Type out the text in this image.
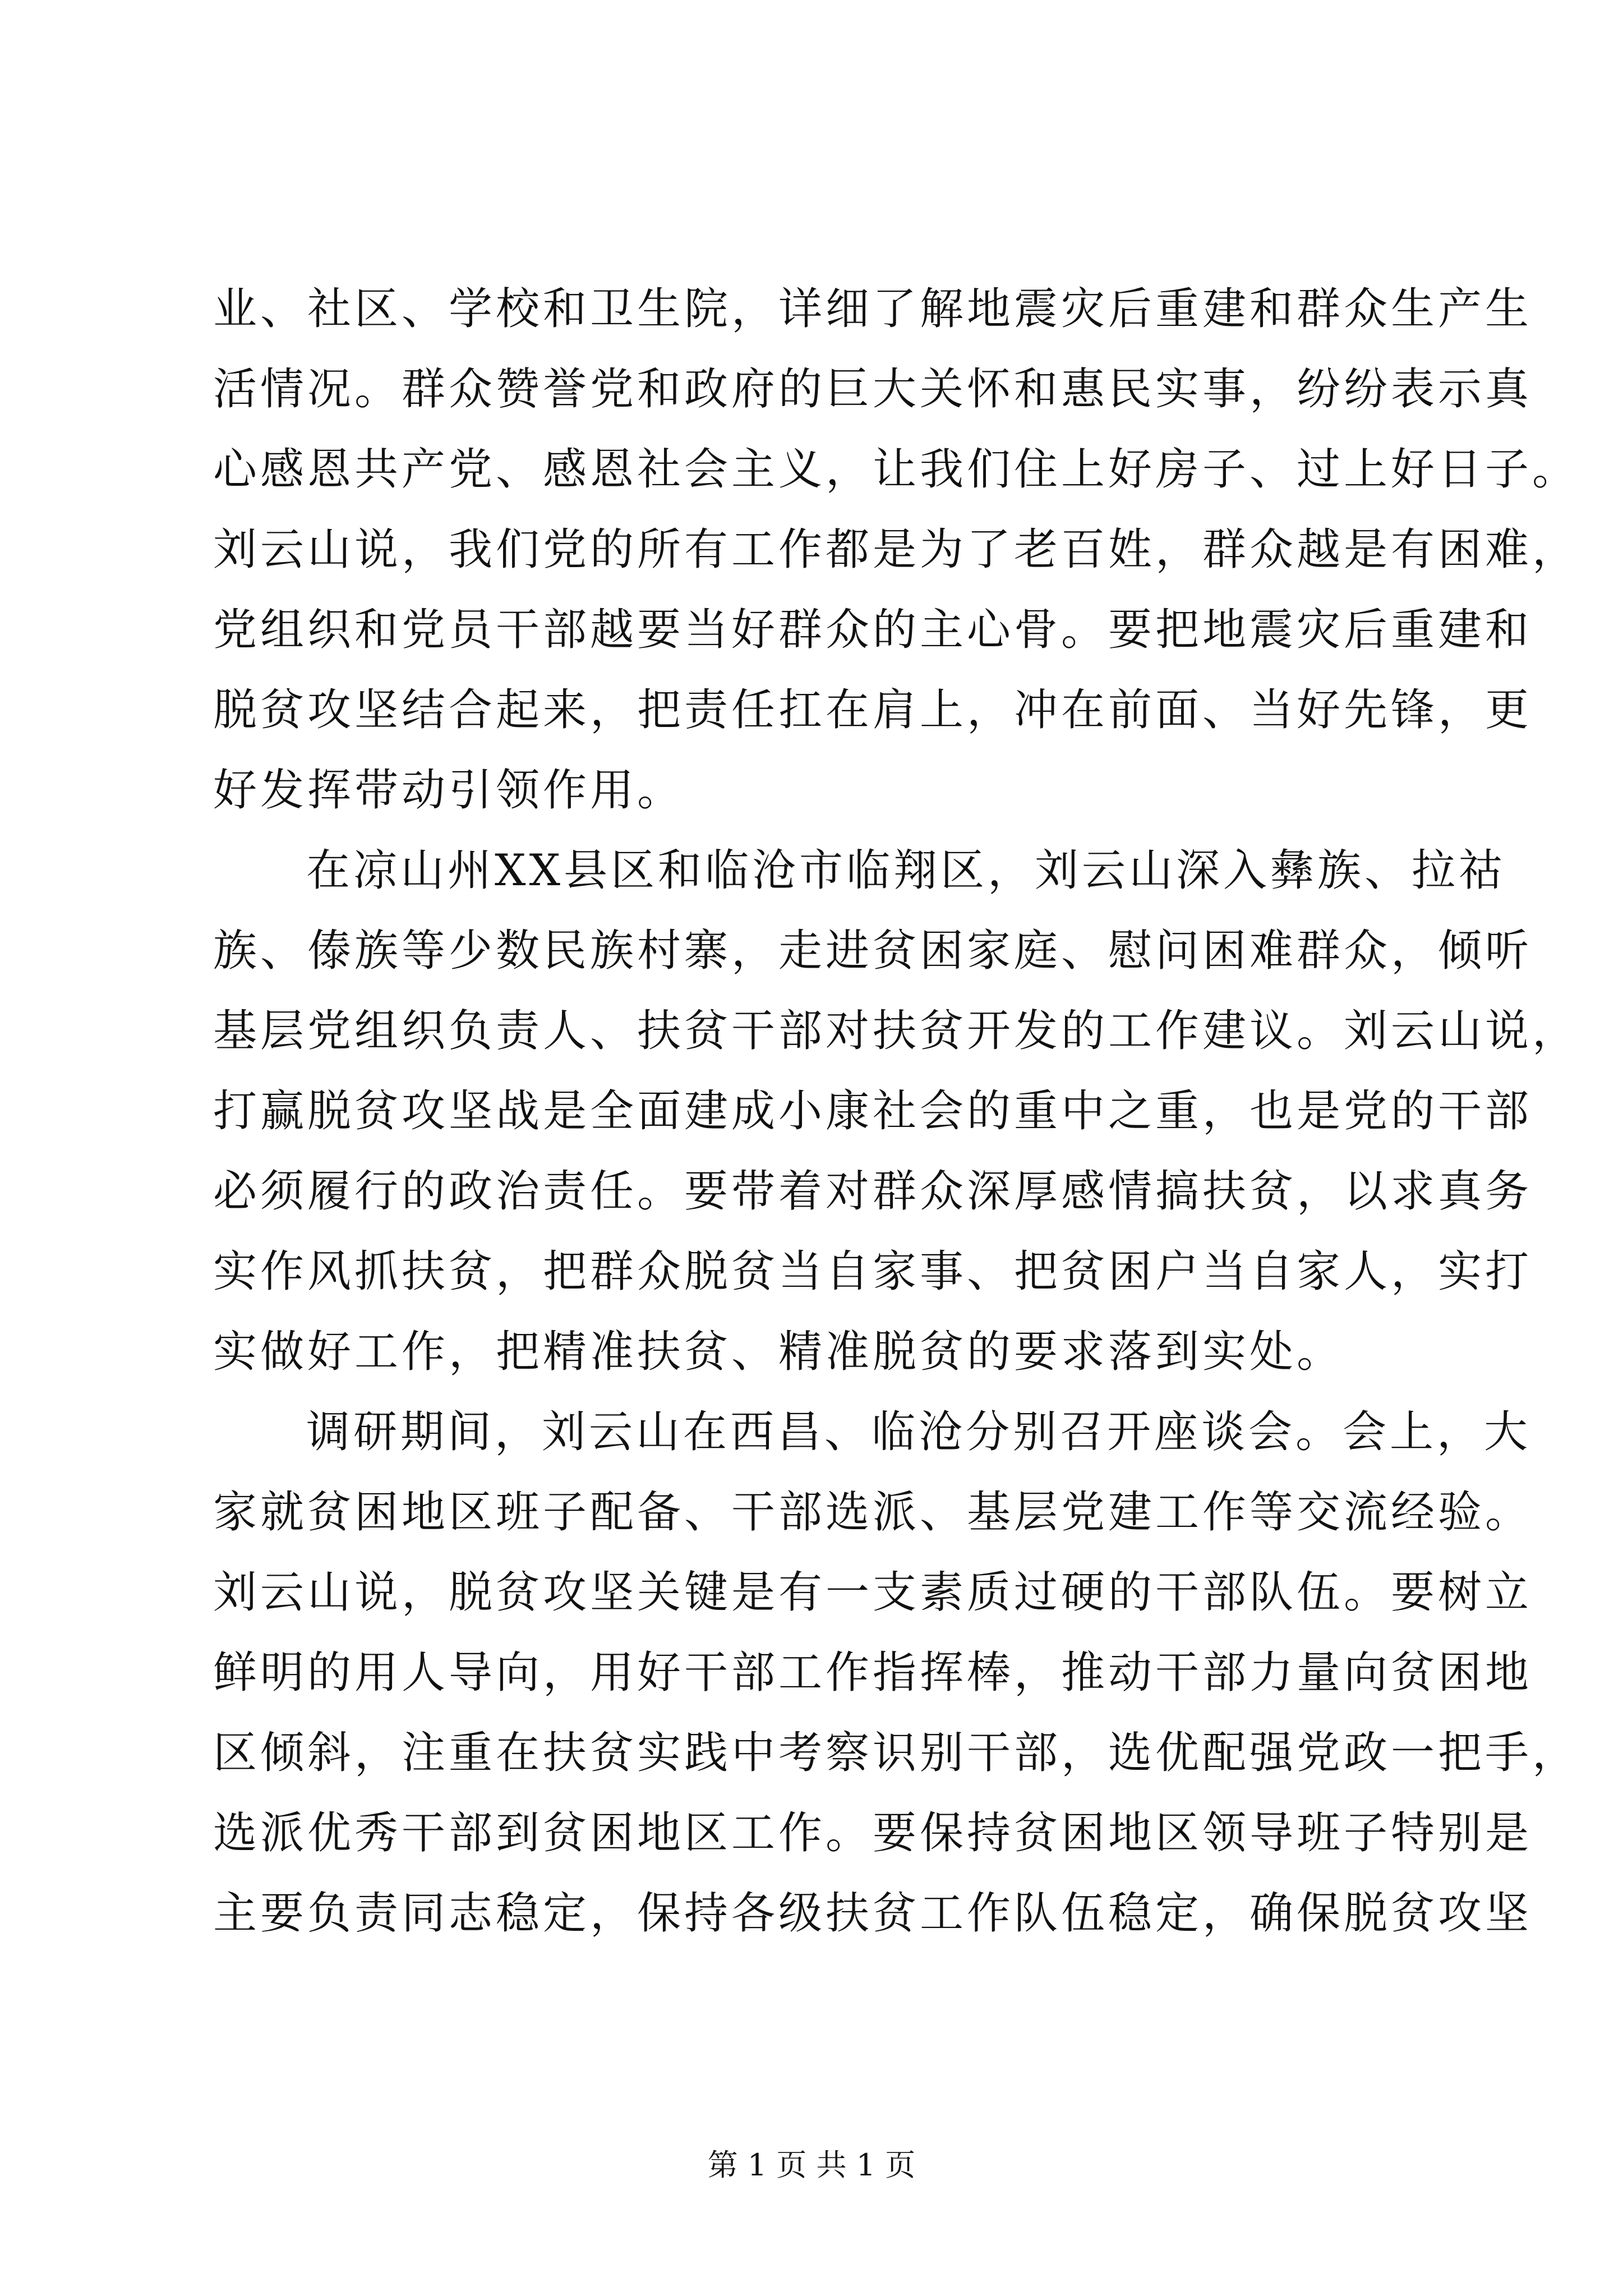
业、社区、学校和卫生院，详细了解地震灾后重建和群众生产生
活情况。群众赞誉党和政府的巨大关怀和惠民实事，纷纷表示真
心感恩共产党、感恩社会主义，让我们住上好房子、过上好日子。
刘云山说，我们党的所有工作都是为了老百姓，群众越是有困难，
党组织和党员干部越要当好群众的主心骨。要把地震灾后重建和
脱贫攻坚结合起来，把责任扛在肩上，冲在前面、当好先锋，更
好发挥带动引领作用。
在凉山州XX县区和临沧市临翔区，刘云山深入彝族、拉祜
族、傣族等少数民族村寨，走进贫困家庭、慰问困难群众，倾听
基层党组织负责人、扶贫干部对扶贫开发的工作建议。刘云山说，
打赢脱贫攻坚战是全面建成小康社会的重中之重，也是党的干部
必须履行的政治责任。要带着对群众深厚感情搞扶贫，以求真务
实作风抓扶贫，把群众脱贫当自家事、把贫困户当自家人，实打
实做好工作，把精准扶贫、精准脱贫的要求落到实处。
调研期间，刘云山在西昌、临沧分别召开座谈会。会上，大
家就贫困地区班子配备、干部选派、基层党建工作等交流经验。
刘云山说，脱贫攻坚关键是有一支素质过硬的干部队伍。要树立
鲜明的用人导向，用好干部工作指挥棒，推动干部力量向贫困地
区倾斜，注重在扶贫实践中考察识别干部，选优配强党政一把手，
选派优秀干部到贫困地区工作。要保持贫困地区领导班子特别是
主要负责同志稳定，保持各级扶贫工作队伍稳定，确保脱贫攻坚
第 1 页 共 1 页
